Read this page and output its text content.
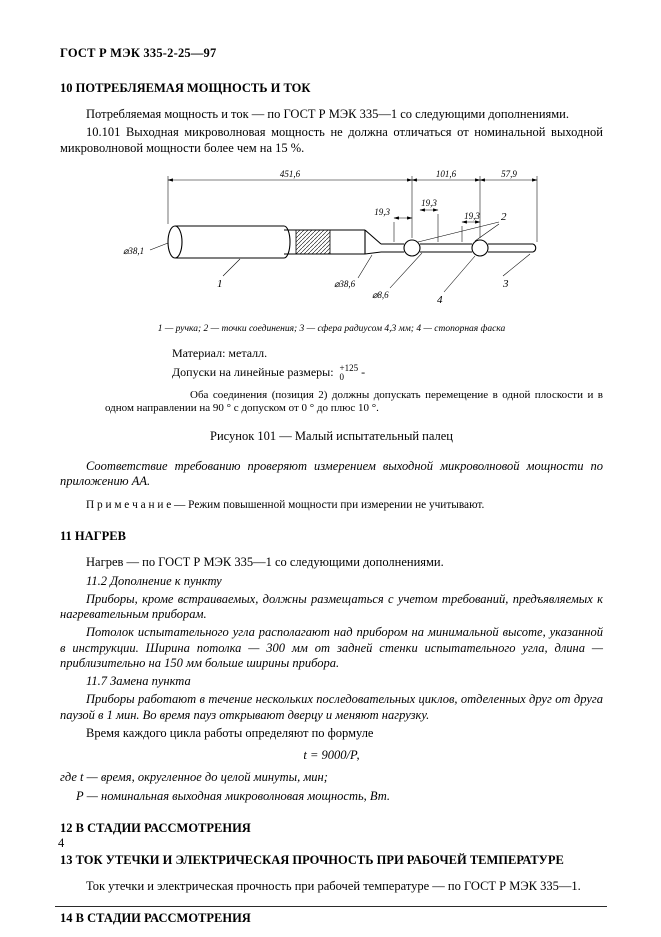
ГОСТ Р МЭК 335-2-25—97
10 ПОТРЕБЛЯЕМАЯ МОЩНОСТЬ И ТОК

Потребляемая мощность и ток — по ГОСТ Р МЭК 335—1 со следующими дополнениями.

10.101 Выходная микроволновая мощность не должна отличаться от номинальной выходной микроволновой мощности более чем на 15 %.

451,6	101,6	57,9
19,3
19,3
19,3
⌀38,1
⌀38,6
⌀8,6
1
2
3
4
1 — ручка; 2 — точки соединения; 3 — сфера радиусом 4,3 мм; 4 — стопорная фаска
Материал: металл.
Допуски на линейные размеры: +125
0	-
Оба соединения (позиция 2) должны допускать перемещение в одной плоскости и в одном направлении на 90 ° с допуском от 0 ° до плюс 10 °.
Рисунок 101 — Малый испытательный палец

Соответствие требованию проверяют измерением выходной микроволновой мощности по приложению АА.

П р и м е ч а н и е — Режим повышенной мощности при измерении не учитывают.

11 НАГРЕВ

Нагрев — по ГОСТ Р МЭК 335—1 со следующими дополнениями.

11.2 Дополнение к пункту

Приборы, кроме встраиваемых, должны размещаться с учетом требований, предъявляемых к нагревательным приборам.

Потолок испытательного угла располагают над прибором на минимальной высоте, указанной в инструкции. Ширина потолка — 300 мм от задней стенки испытательного угла, длина — приблизительно на 150 мм больше ширины прибора.

11.7 Замена пункта

Приборы работают в течение нескольких последовательных циклов, отделенных друг от друга паузой в 1 мин. Во время пауз открывают дверцу и меняют нагрузку.

Время каждого цикла работы определяют по формуле

t = 9000/Р,

где t — время, округленное до целой минуты, мин;

Р — номинальная выходная микроволновая мощность, Вт.

12 В СТАДИИ РАССМОТРЕНИЯ
13 ТОК УТЕЧКИ И ЭЛЕКТРИЧЕСКАЯ ПРОЧНОСТЬ ПРИ РАБОЧЕЙ ТЕМПЕРАТУРЕ

Ток утечки и электрическая прочность при рабочей температуре — по ГОСТ Р МЭК 335—1.

14 В СТАДИИ РАССМОТРЕНИЯ
4
